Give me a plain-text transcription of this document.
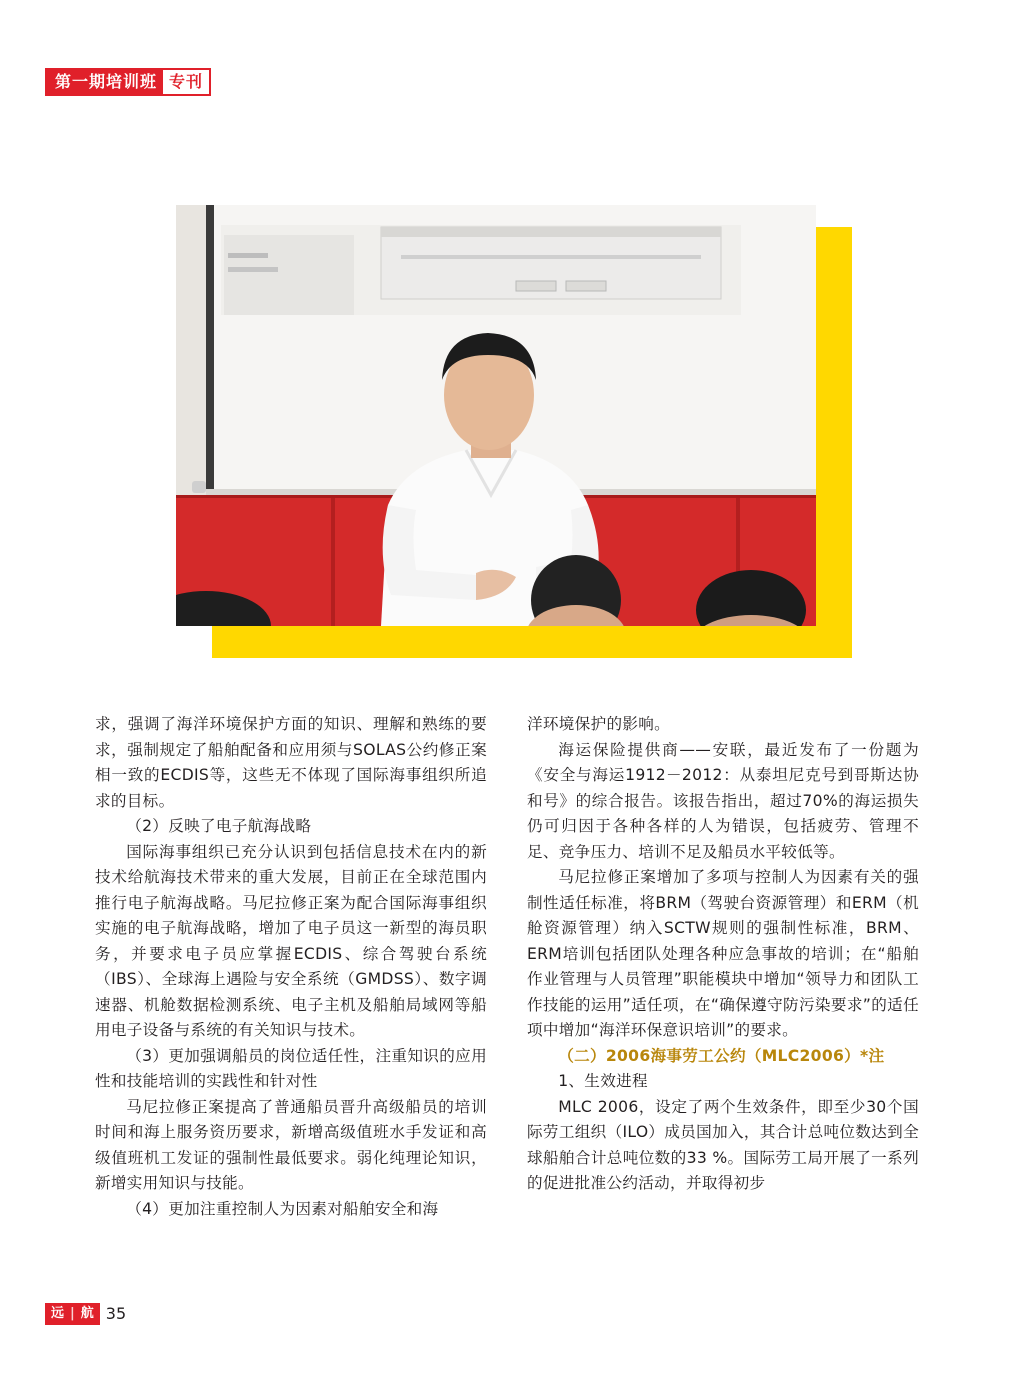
第一期培训班 专刊

求，强调了海洋环境保护方面的知识、理解和熟练的要求，强制规定了船舶配备和应用须与SOLAS公约修正案相一致的ECDIS等，这些无不体现了国际海事组织所追求的目标。

（2）反映了电子航海战略

国际海事组织已充分认识到包括信息技术在内的新技术给航海技术带来的重大发展，目前正在全球范围内推行电子航海战略。马尼拉修正案为配合国际海事组织实施的电子航海战略，增加了电子员这一新型的海员职务，并要求电子员应掌握ECDIS、综合驾驶台系统（IBS）、全球海上遇险与安全系统（GMDSS）、数字调速器、机舱数据检测系统、电子主机及船舶局域网等船用电子设备与系统的有关知识与技术。

（3）更加强调船员的岗位适任性，注重知识的应用性和技能培训的实践性和针对性

马尼拉修正案提高了普通船员晋升高级船员的培训时间和海上服务资历要求，新增高级值班水手发证和高级值班机工发证的强制性最低要求。弱化纯理论知识，新增实用知识与技能。

（4）更加注重控制人为因素对船舶安全和海

洋环境保护的影响。

海运保险提供商——安联，最近发布了一份题为《安全与海运1912－2012：从泰坦尼克号到哥斯达协和号》的综合报告。该报告指出，超过70%的海运损失仍可归因于各种各样的人为错误，包括疲劳、管理不足、竞争压力、培训不足及船员水平较低等。

马尼拉修正案增加了多项与控制人为因素有关的强制性适任标准，将BRM（驾驶台资源管理）和ERM（机舱资源管理）纳入SCTW规则的强制性标准，BRM、ERM培训包括团队处理各种应急事故的培训；在“船舶作业管理与人员管理”职能模块中增加“领导力和团队工作技能的运用”适任项，在“确保遵守防污染要求”的适任项中增加“海洋环保意识培训”的要求。

（二）2006海事劳工公约（MLC2006）*注

1、生效进程

MLC 2006，设定了两个生效条件，即至少30个国际劳工组织（ILO）成员国加入，其合计总吨位数达到全球船舶合计总吨位数的33 %。国际劳工局开展了一系列的促进批准公约活动，并取得初步

远 | 航 35
